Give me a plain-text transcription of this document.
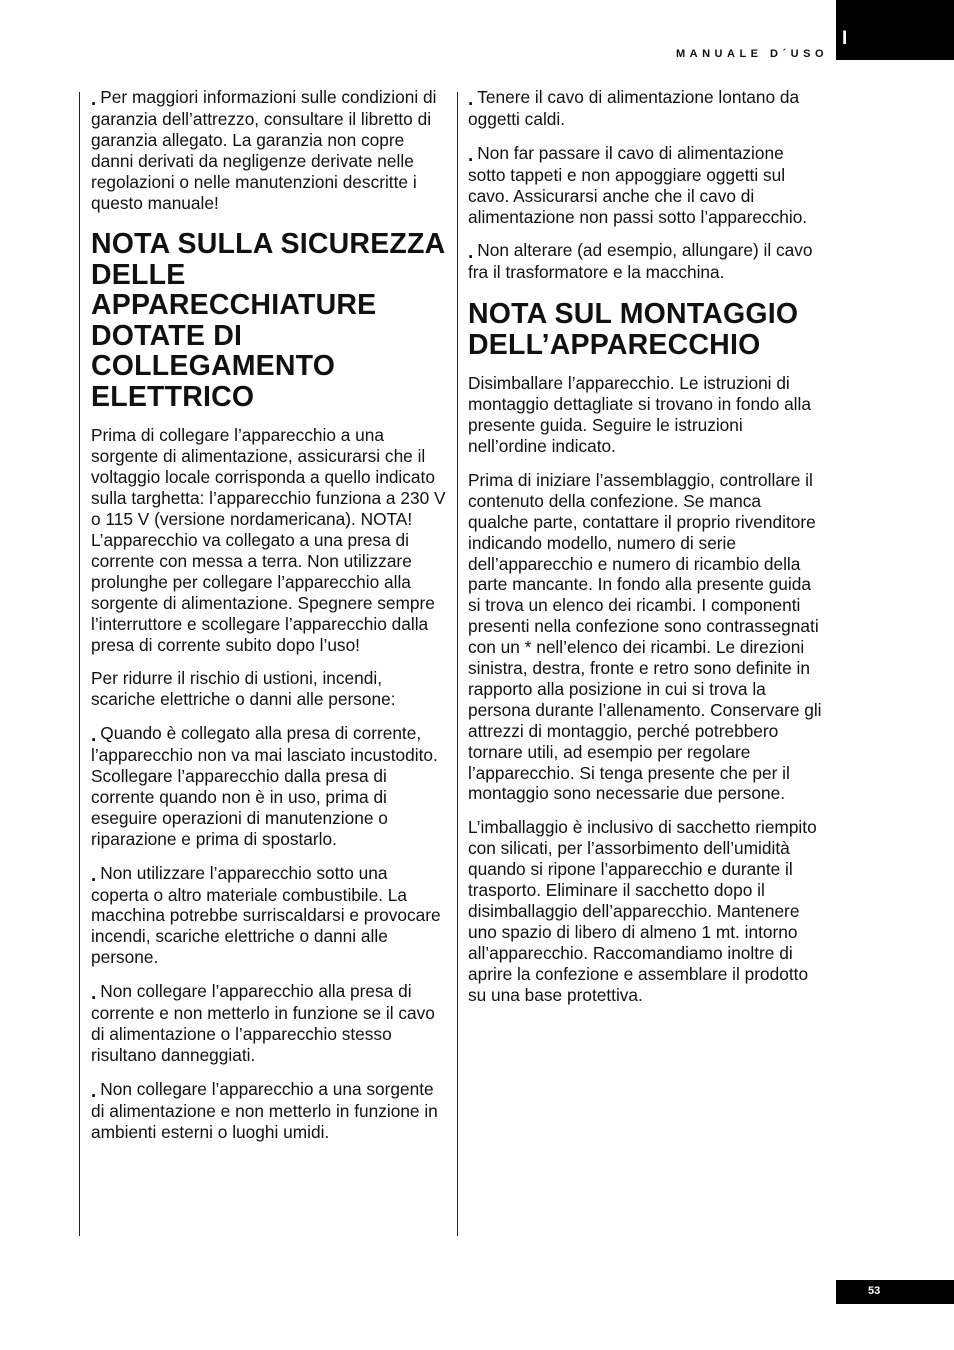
MANUALE D´USO
I

. Per maggiori informazioni sulle condizioni di garanzia dell’attrezzo, consultare il libretto di garanzia allegato. La garanzia non copre danni derivati da negligenze derivate nelle regolazioni o nelle manutenzioni descritte i questo manuale!

NOTA SULLA SICUREZZA DELLE APPARECCHIATURE DOTATE DI COLLEGAMENTO ELETTRICO

Prima di collegare l’apparecchio a una sorgente di alimentazione, assicurarsi che il voltaggio locale corrisponda a quello indicato sulla targhetta: l’apparecchio funziona a 230 V o 115 V (versione nordamericana). NOTA! L’apparecchio va collegato a una presa di corrente con messa a terra. Non utilizzare prolunghe per collegare l’apparecchio alla sorgente di alimentazione. Spegnere sempre l’interruttore e scollegare l’apparecchio dalla presa di corrente subito dopo l’uso!

Per ridurre il rischio di ustioni, incendi, scariche elettriche o danni alle persone:

. Quando è collegato alla presa di corrente, l’apparecchio non va mai lasciato incustodito. Scollegare l’apparecchio dalla presa di corrente quando non è in uso, prima di eseguire operazioni di manutenzione o riparazione e prima di spostarlo.

. Non utilizzare l’apparecchio sotto una coperta o altro materiale combustibile. La macchina potrebbe surriscaldarsi e provocare incendi, scariche elettriche o danni alle persone.

. Non collegare l’apparecchio alla presa di corrente e non metterlo in funzione se il cavo di alimentazione o l’apparecchio stesso risultano danneggiati.

. Non collegare l’apparecchio a una sorgente di alimentazione e non metterlo in funzione in ambienti esterni o luoghi umidi.

. Tenere il cavo di alimentazione lontano da oggetti caldi.

. Non far passare il cavo di alimentazione sotto tappeti e non appoggiare oggetti sul cavo. Assicurarsi anche che il cavo di alimentazione non passi sotto l’apparecchio.

. Non alterare (ad esempio, allungare) il cavo fra il trasformatore e la macchina.

NOTA SUL MONTAGGIO DELL’APPARECCHIO

Disimballare l’apparecchio. Le istruzioni di montaggio dettagliate si trovano in fondo alla presente guida. Seguire le istruzioni nell’ordine indicato.

Prima di iniziare l’assemblaggio, controllare il contenuto della confezione. Se manca qualche parte, contattare il proprio rivenditore indicando modello, numero di serie dell’apparecchio e numero di ricambio della parte mancante. In fondo alla presente guida si trova un elenco dei ricambi. I componenti presenti nella confezione sono contrassegnati con un * nell’elenco dei ricambi. Le direzioni sinistra, destra, fronte e retro sono definite in rapporto alla posizione in cui si trova la persona durante l’allenamento. Conservare gli attrezzi di montaggio, perché potrebbero tornare utili, ad esempio per regolare l’apparecchio. Si tenga presente che per il montaggio sono necessarie due persone.

L’imballaggio è inclusivo di sacchetto riempito con silicati, per l’assorbimento dell’umidità quando si ripone l’apparecchio e durante il trasporto. Eliminare il sacchetto dopo il disimballaggio dell’apparecchio. Mantenere uno spazio di libero di almeno 1 mt. intorno all’apparecchio. Raccomandiamo inoltre di aprire la confezione e assemblare il prodotto su una base protettiva.

53
